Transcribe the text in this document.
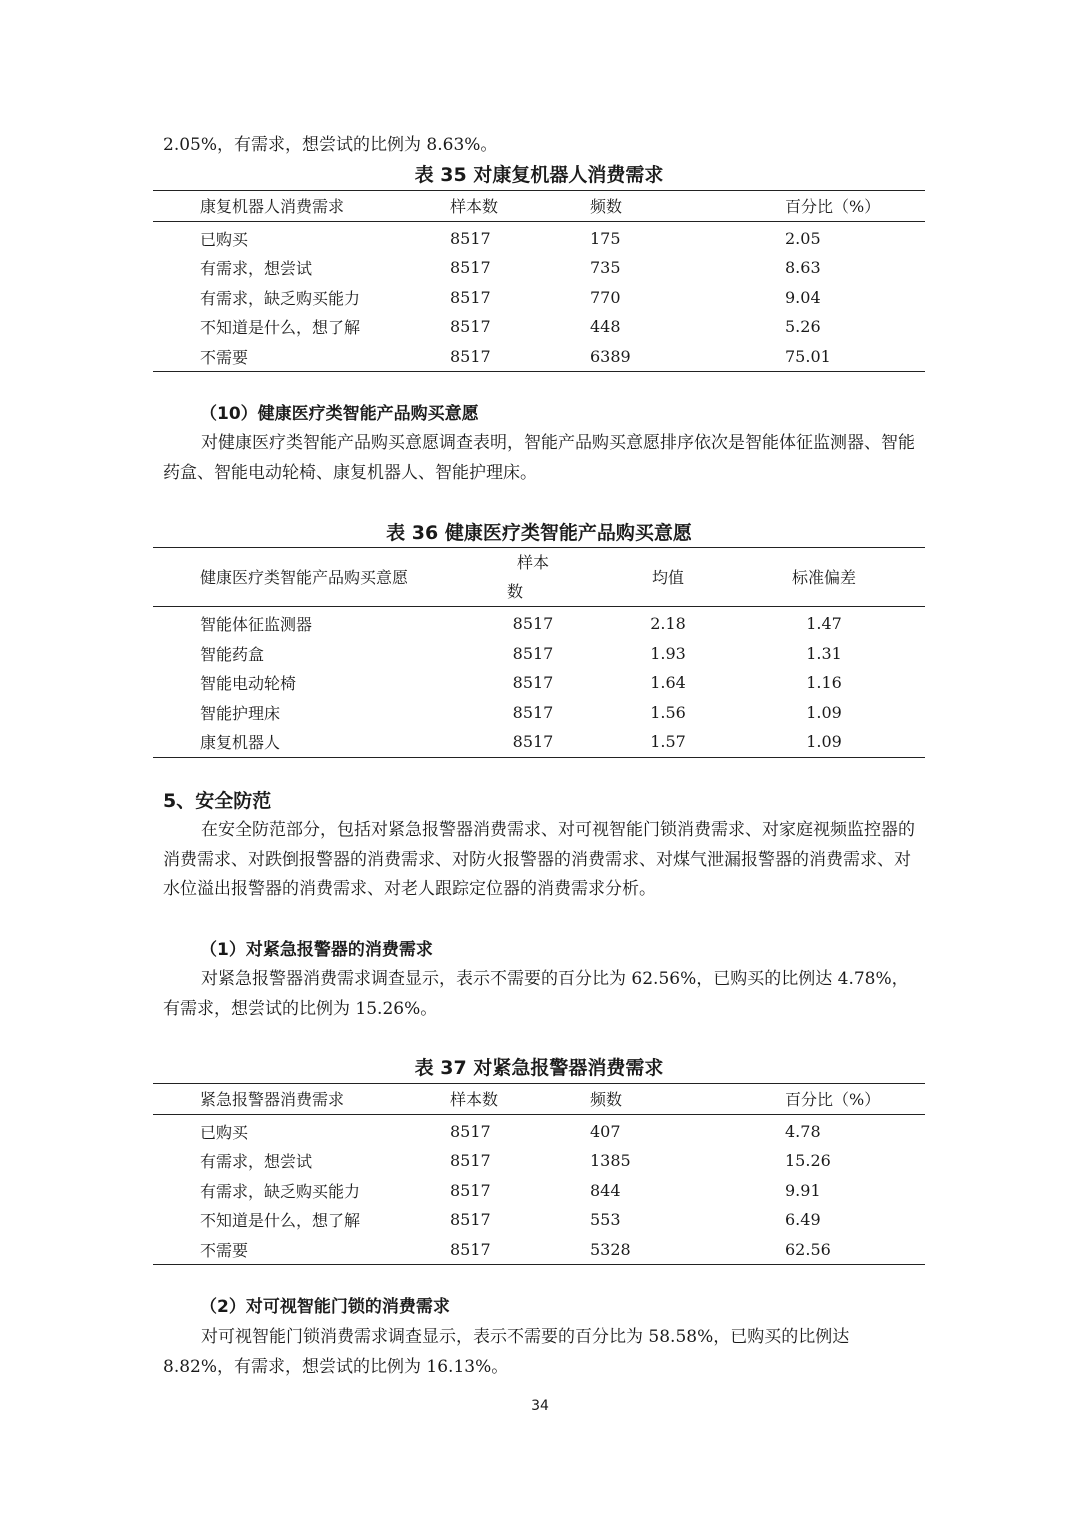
2.05%，有需求，想尝试的比例为 8.63%。

表 35 对康复机器人消费需求

康复机器人消费需求	样本数	频数	百分比（%）
已购买	8517	175	2.05
有需求，想尝试	8517	735	8.63
有需求，缺乏购买能力	8517	770	9.04
不知道是什么，想了解	8517	448	5.26
不需要	8517	6389	75.01

（10）健康医疗类智能产品购买意愿

对健康医疗类智能产品购买意愿调查表明，智能产品购买意愿排序依次是智能体征监测器、智能药盒、智能电动轮椅、康复机器人、智能护理床。

表 36 健康医疗类智能产品购买意愿

健康医疗类智能产品购买意愿	样本
数	均值	标准偏差
智能体征监测器	8517	2.18	1.47
智能药盒	8517	1.93	1.31
智能电动轮椅	8517	1.64	1.16
智能护理床	8517	1.56	1.09
康复机器人	8517	1.57	1.09

5、安全防范

在安全防范部分，包括对紧急报警器消费需求、对可视智能门锁消费需求、对家庭视频监控器的消费需求、对跌倒报警器的消费需求、对防火报警器的消费需求、对煤气泄漏报警器的消费需求、对水位溢出报警器的消费需求、对老人跟踪定位器的消费需求分析。

（1）对紧急报警器的消费需求

对紧急报警器消费需求调查显示，表示不需要的百分比为 62.56%，已购买的比例达 4.78%，有需求，想尝试的比例为 15.26%。

表 37 对紧急报警器消费需求

紧急报警器消费需求	样本数	频数	百分比（%）
已购买	8517	407	4.78
有需求，想尝试	8517	1385	15.26
有需求，缺乏购买能力	8517	844	9.91
不知道是什么，想了解	8517	553	6.49
不需要	8517	5328	62.56

（2）对可视智能门锁的消费需求

对可视智能门锁消费需求调查显示，表示不需要的百分比为 58.58%，已购买的比例达 8.82%，有需求，想尝试的比例为 16.13%。

34
